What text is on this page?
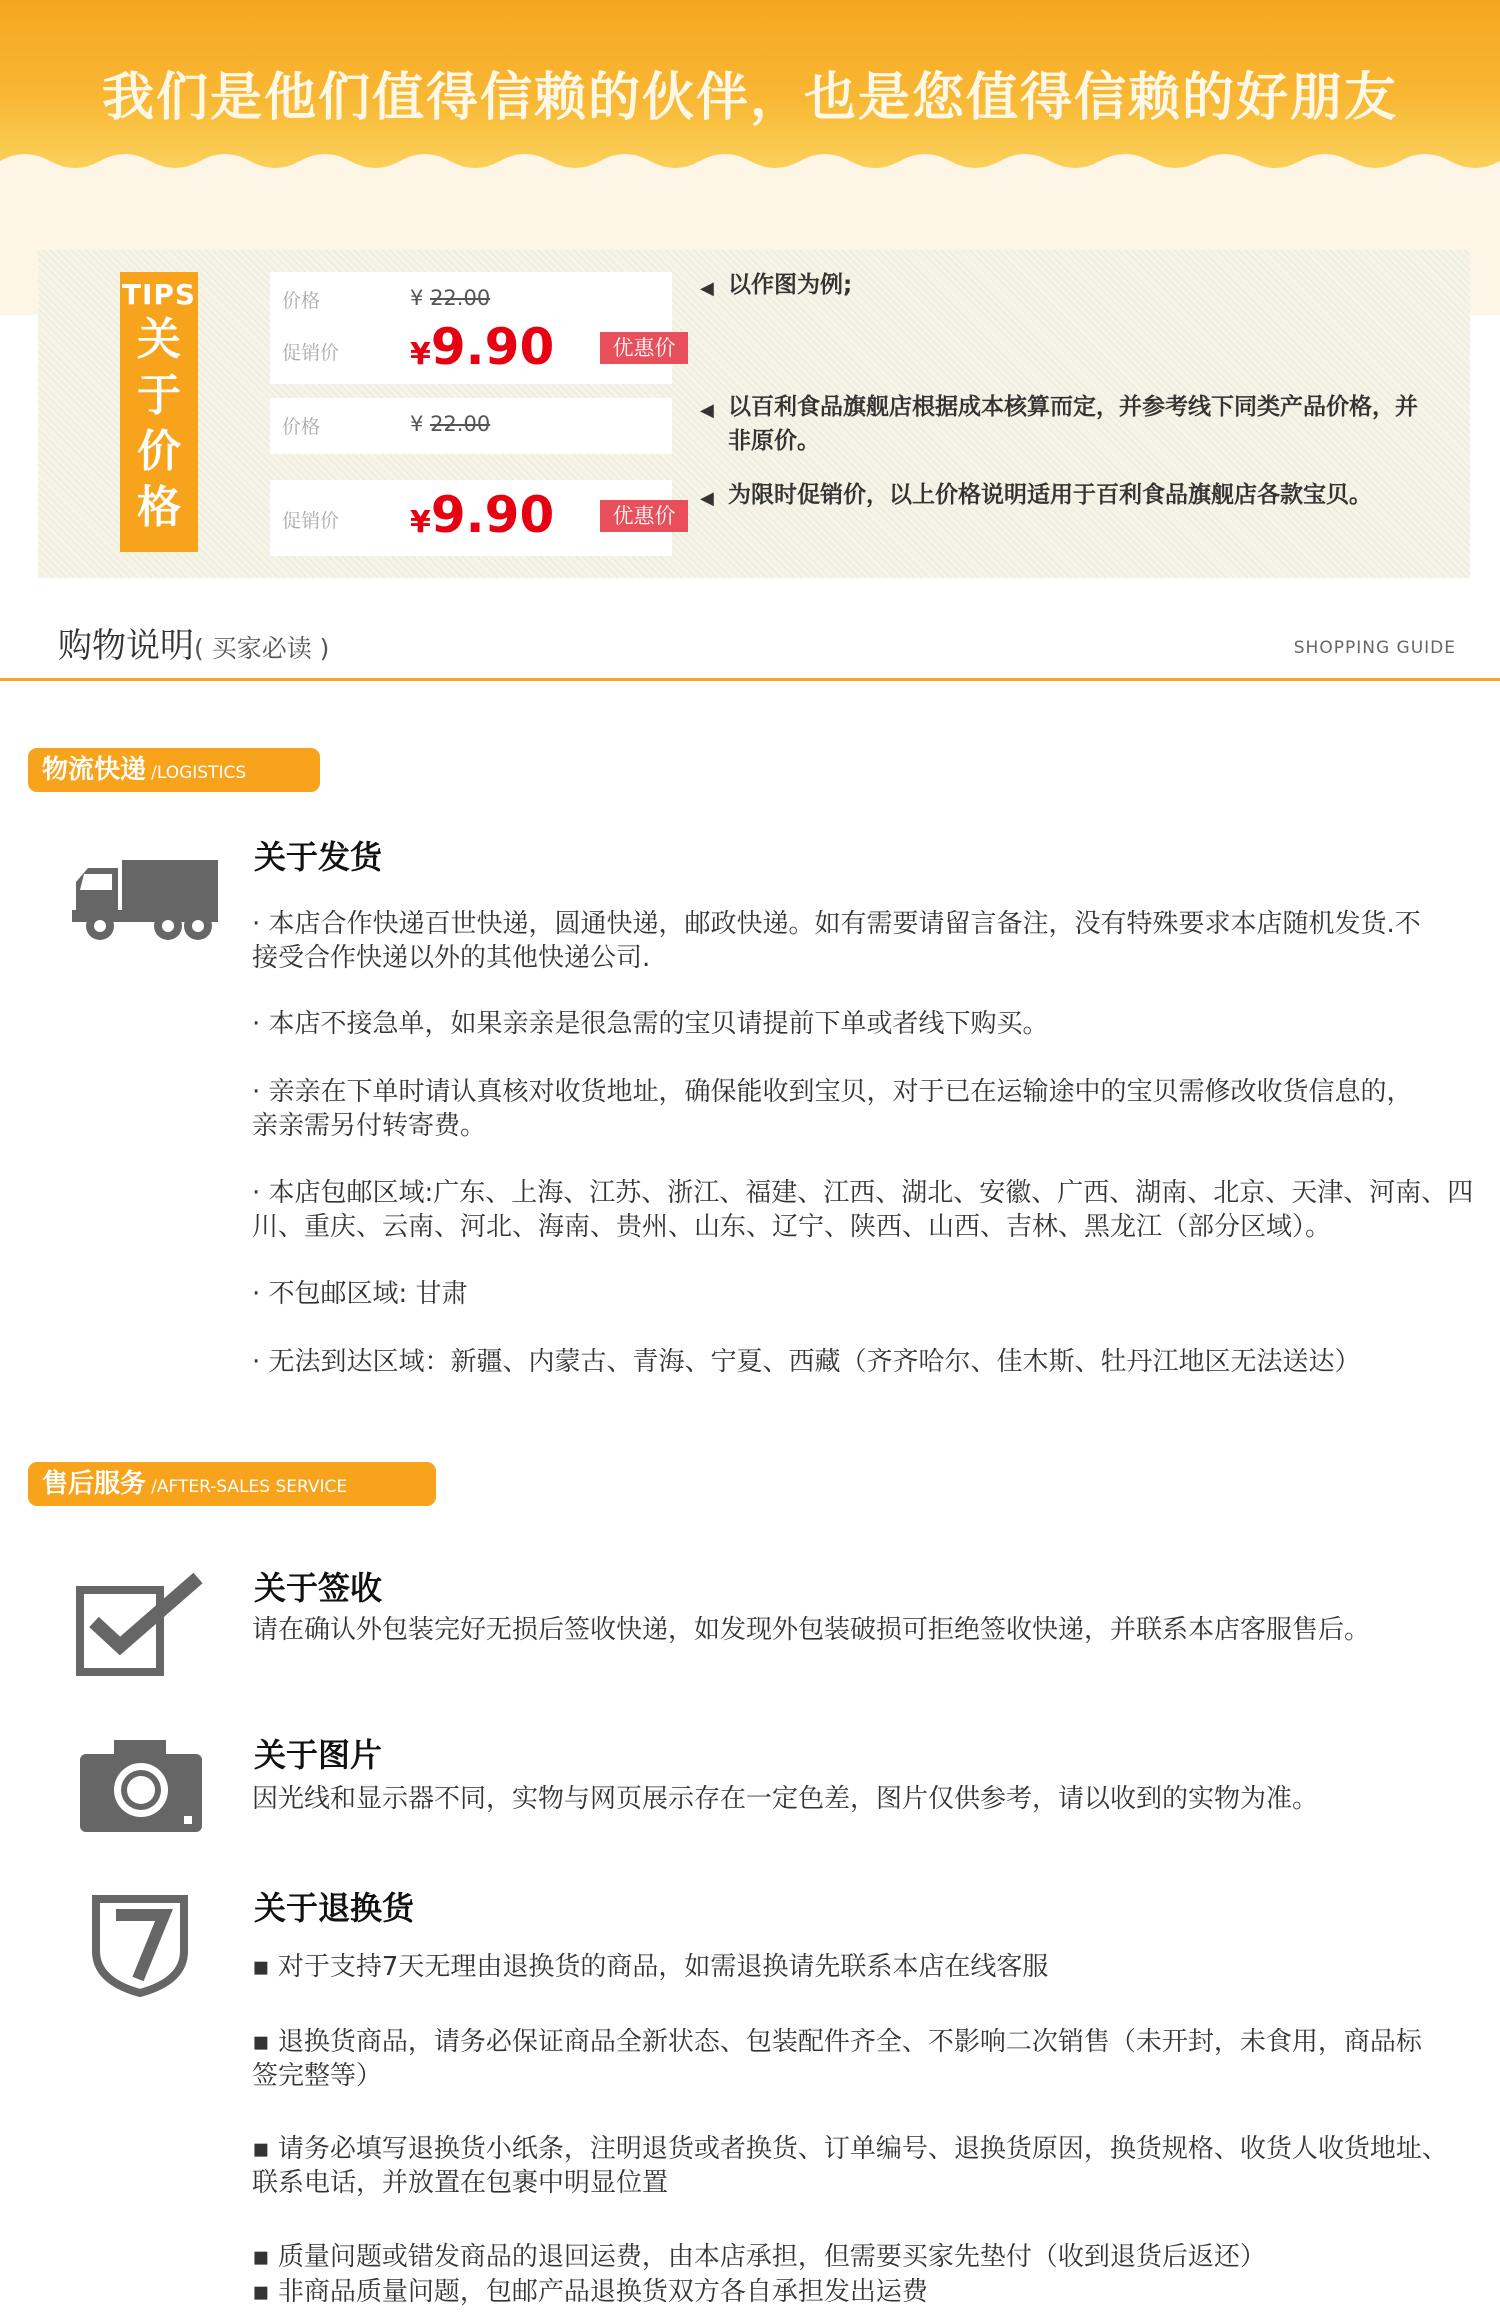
我们是他们值得信赖的伙伴，也是您值得信赖的好朋友
TIPS
关
于
价
格
价格	¥ 22.00
促销价 ¥9.90	优惠价
价格	¥ 22.00
促销价 ¥9.90	优惠价
◀ 以作图为例;
◀ 以百利食品旗舰店根据成本核算而定，并参考线下同类产品价格，并非原价。
◀ 为限时促销价，以上价格说明适用于百利食品旗舰店各款宝贝。
购物说明( 买家必读 )	SHOPPING GUIDE
物流快递 /LOGISTICS
关于发货
· 本店合作快递百世快递，圆通快递，邮政快递。如有需要请留言备注，没有特殊要求本店随机发货.不接受合作快递以外的其他快递公司.
· 本店不接急单，如果亲亲是很急需的宝贝请提前下单或者线下购买。
· 亲亲在下单时请认真核对收货地址，确保能收到宝贝，对于已在运输途中的宝贝需修改收货信息的，亲亲需另付转寄费。
· 本店包邮区域:广东、上海、江苏、浙江、福建、江西、湖北、安徽、广西、湖南、北京、天津、河南、四川、重庆、云南、河北、海南、贵州、山东、辽宁、陕西、山西、吉林、黑龙江（部分区域）。
· 不包邮区域: 甘肃
· 无法到达区域：新疆、内蒙古、青海、宁夏、西藏（齐齐哈尔、佳木斯、牡丹江地区无法送达）
售后服务 /AFTER-SALES SERVICE
关于签收
请在确认外包装完好无损后签收快递，如发现外包装破损可拒绝签收快递，并联系本店客服售后。
关于图片
因光线和显示器不同，实物与网页展示存在一定色差，图片仅供参考，请以收到的实物为准。
关于退换货
▪ 对于支持7天无理由退换货的商品，如需退换请先联系本店在线客服
▪ 退换货商品，请务必保证商品全新状态、包装配件齐全、不影响二次销售（未开封，未食用，商品标签完整等）
▪ 请务必填写退换货小纸条，注明退货或者换货、订单编号、退换货原因，换货规格、收货人收货地址、联系电话，并放置在包裹中明显位置
▪ 质量问题或错发商品的退回运费，由本店承担，但需要买家先垫付（收到退货后返还）
▪ 非商品质量问题，包邮产品退换货双方各自承担发出运费
